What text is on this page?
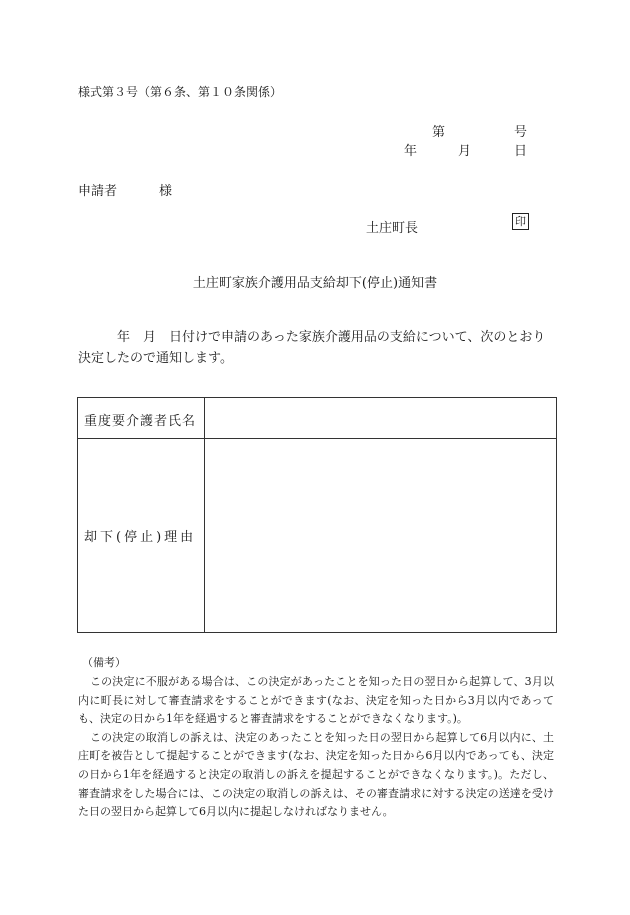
様式第３号（第６条、第１０条関係）
第	号
年	月	日
申請者	様
土庄町長	印
土庄町家族介護用品支給却下(停止)通知書
年　月　日付けで申請のあった家族介護用品の支給について、次のとおり決定したので通知します。
重度要介護者氏名
却下(停止)理由
（備考）

この決定に不服がある場合は、この決定があったことを知った日の翌日から起算して、3月以内に町長に対して審査請求をすることができます(なお、決定を知った日から3月以内であっても、決定の日から1年を経過すると審査請求をすることができなくなります。)。

この決定の取消しの訴えは、決定のあったことを知った日の翌日から起算して6月以内に、土庄町を被告として提起することができます(なお、決定を知った日から6月以内であっても、決定の日から1年を経過すると決定の取消しの訴えを提起することができなくなります。)。ただし、審査請求をした場合には、この決定の取消しの訴えは、その審査請求に対する決定の送達を受けた日の翌日から起算して6月以内に提起しなければなりません。
